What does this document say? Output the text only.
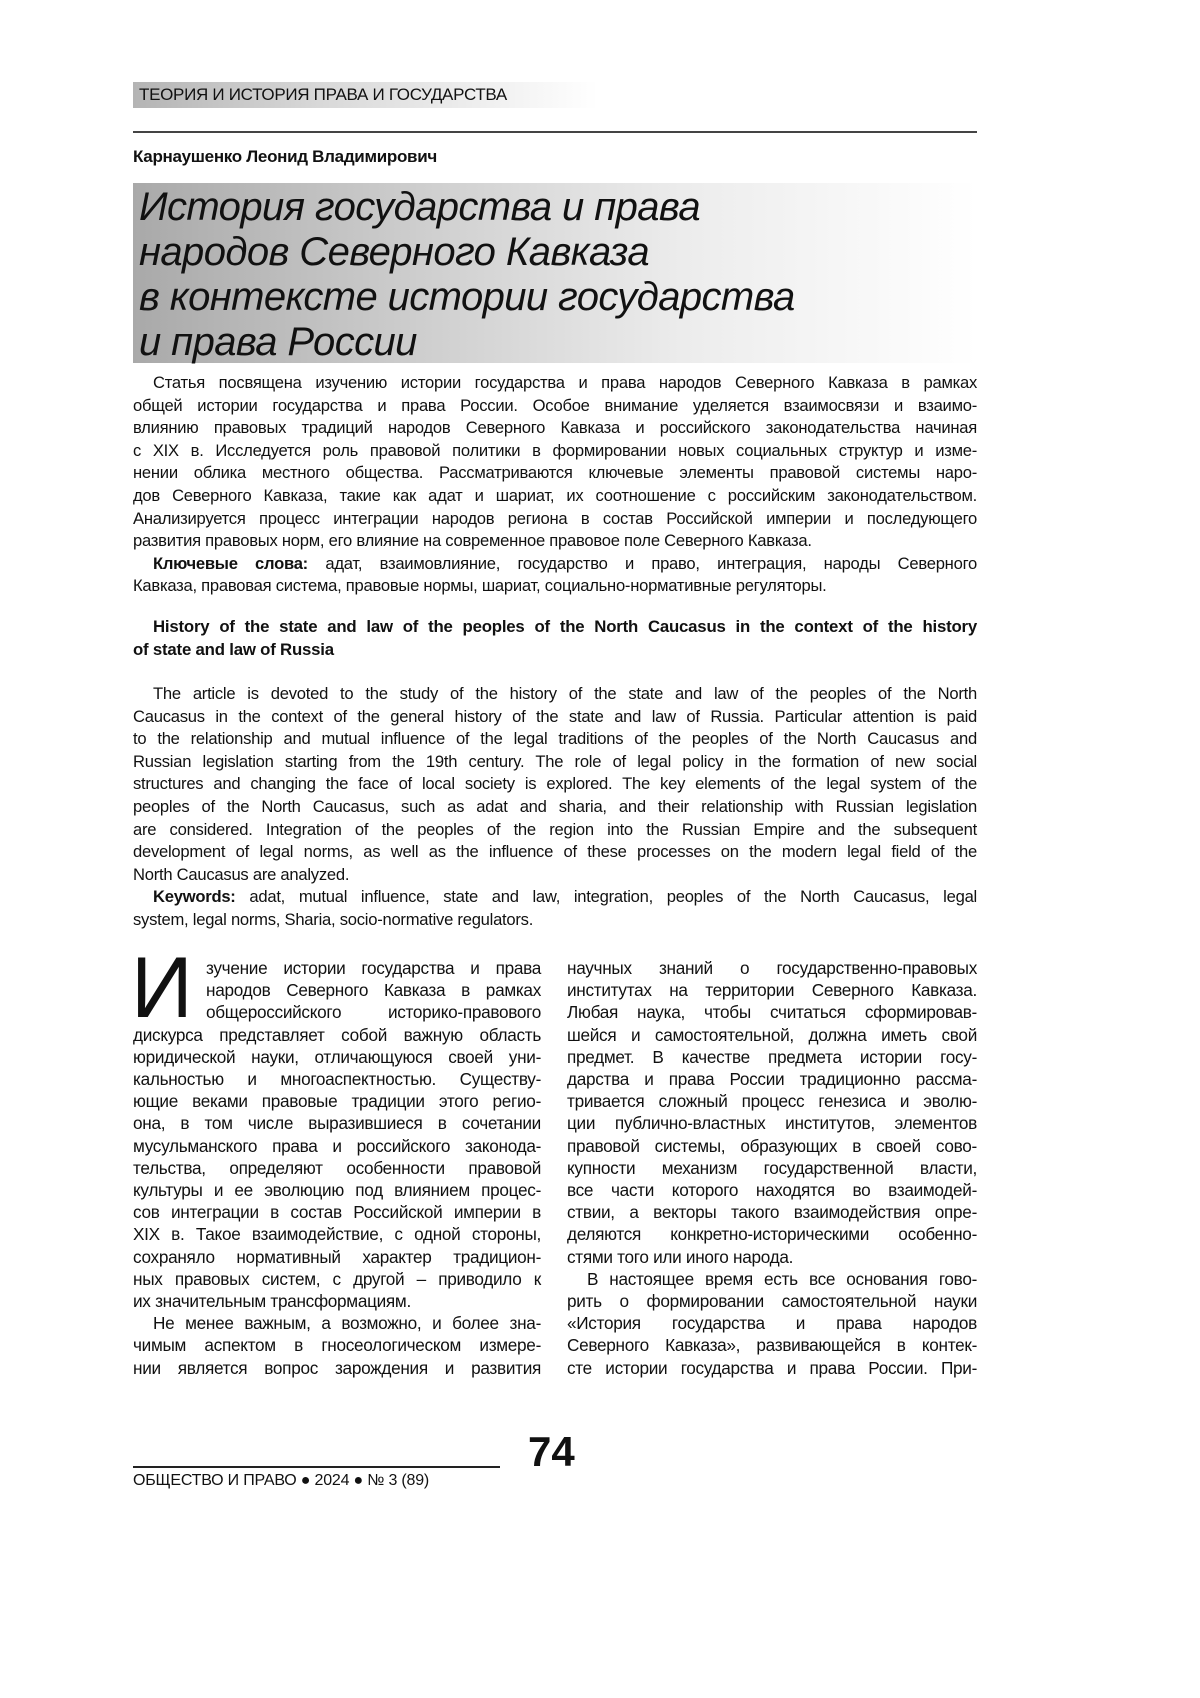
ТЕОРИЯ И ИСТОРИЯ ПРАВА И ГОСУДАРСТВА
Карнаушенко Леонид Владимирович
История государства и права
народов Северного Кавказа
в контексте истории государства
и права России
Статья посвящена изучению истории государства и права народов Северного Кавказа в рамках
общей истории государства и права России. Особое внимание уделяется взаимосвязи и взаимо-
влиянию правовых традиций народов Северного Кавказа и российского законодательства начиная
с XIX в. Исследуется роль правовой политики в формировании новых социальных структур и изме-
нении облика местного общества. Рассматриваются ключевые элементы правовой системы наро-
дов Северного Кавказа, такие как адат и шариат, их соотношение с российским законодательством.
Анализируется процесс интеграции народов региона в состав Российской империи и последующего
развития правовых норм, его влияние на современное правовое поле Северного Кавказа.
Ключевые слова: адат, взаимовлияние, государство и право, интеграция, народы Северного
Кавказа, правовая система, правовые нормы, шариат, социально-нормативные регуляторы.
History of the state and law of the peoples of the North Caucasus in the context of the history
of state and law of Russia
The article is devoted to the study of the history of the state and law of the peoples of the North
Caucasus in the context of the general history of the state and law of Russia. Particular attention is paid
to the relationship and mutual influence of the legal traditions of the peoples of the North Caucasus and
Russian legislation starting from the 19th century. The role of legal policy in the formation of new social
structures and changing the face of local society is explored. The key elements of the legal system of the
peoples of the North Caucasus, such as adat and sharia, and their relationship with Russian legislation
are considered. Integration of the peoples of the region into the Russian Empire and the subsequent
development of legal norms, as well as the influence of these processes on the modern legal field of the
North Caucasus are analyzed.
Keywords: adat, mutual influence, state and law, integration, peoples of the North Caucasus, legal
system, legal norms, Sharia, socio-normative regulators.
зучение истории государства и права
народов Северного Кавказа в рамках
общероссийского историко-правового
дискурса представляет собой важную область
юридической науки, отличающуюся своей уни-
кальностью и многоаспектностью. Существу-
ющие веками правовые традиции этого регио-
она, в том числе выразившиеся в сочетании
мусульманского права и российского законода-
тельства, определяют особенности правовой
культуры и ее эволюцию под влиянием процес-
сов интеграции в состав Российской империи в
XIX в. Такое взаимодействие, с одной стороны,
сохраняло нормативный характер традицион-
ных правовых систем, с другой – приводило к
их значительным трансформациям.
Не менее важным, а возможно, и более зна-
чимым аспектом в гносеологическом измере-
нии является вопрос зарождения и развития
научных знаний о государственно-правовых
институтах на территории Северного Кавказа.
Любая наука, чтобы считаться сформировав-
шейся и самостоятельной, должна иметь свой
предмет. В качестве предмета истории госу-
дарства и права России традиционно рассма-
тривается сложный процесс генезиса и эволю-
ции публично-властных институтов, элементов
правовой системы, образующих в своей сово-
купности механизм государственной власти,
все части которого находятся во взаимодей-
ствии, а векторы такого взаимодействия опре-
деляются конкретно-историческими особенно-
стями того или иного народа.
В настоящее время есть все основания гово-
рить о формировании самостоятельной науки
«История государства и права народов
Северного Кавказа», развивающейся в контек-
сте истории государства и права России. При-
И
74
ОБЩЕСТВО И ПРАВО ● 2024 ● № 3 (89)
